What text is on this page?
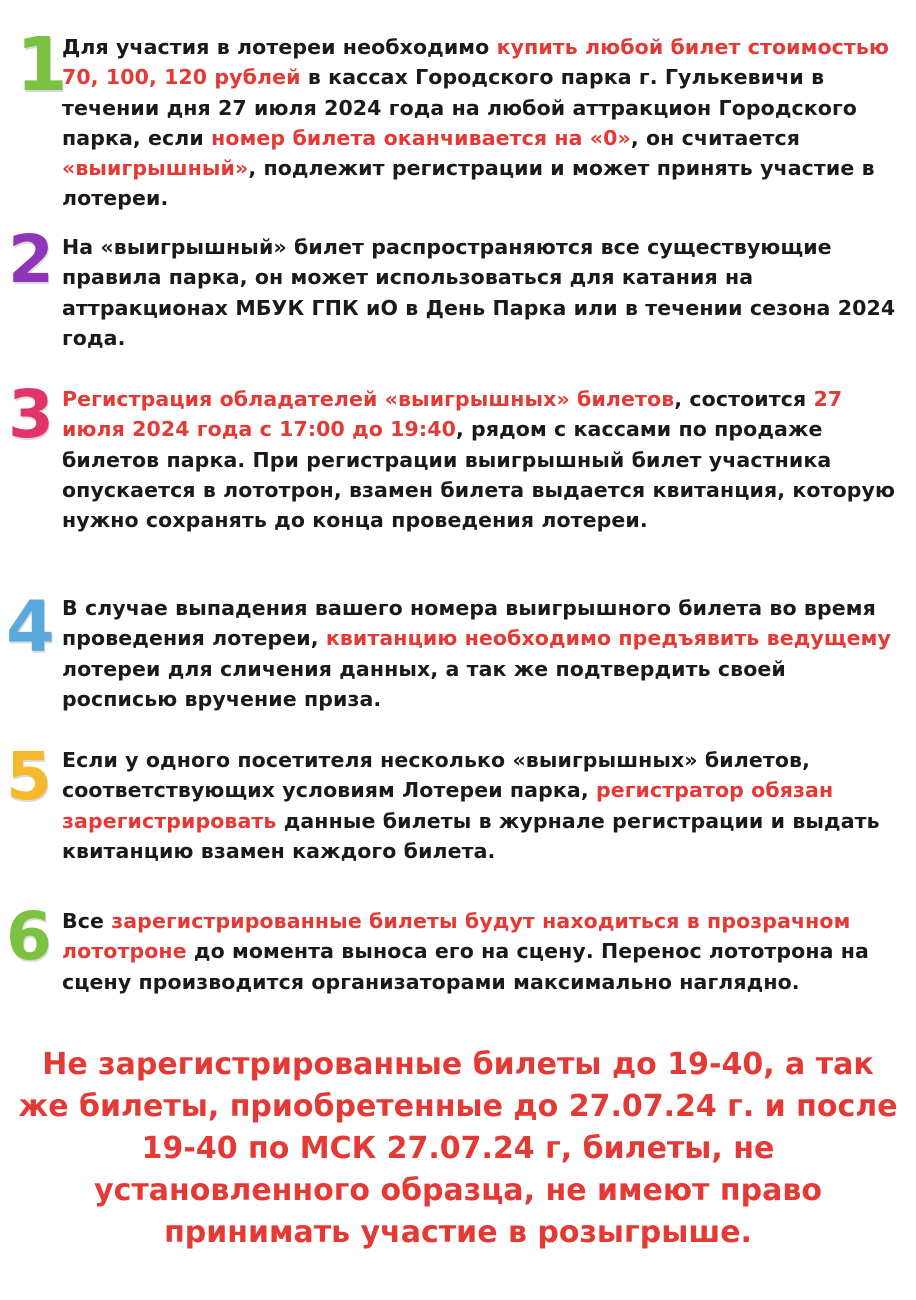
1

Для участия в лотереи необходимо купить любой билет стоимостью 70, 100, 120 рублей в кассах Городского парка г. Гулькевичи в течении дня 27 июля 2024 года на любой аттракцион Городского парка, если номер билета оканчивается на «0», он считается «выигрышный», подлежит регистрации и может принять участие в лотереи.

2 На «выигрышный» билет распространяются все существующие правила парка, он может использоваться для катания на аттракционах МБУК ГПК иО в День Парка или в течении сезона 2024 года.

3 Регистрация обладателей «выигрышных» билетов, состоится 27 июля 2024 года с 17:00 до 19:40, рядом с кассами по продаже билетов парка. При регистрации выигрышный билет участника опускается в лототрон, взамен билета выдается квитанция, которую нужно сохранять до конца проведения лотереи.

4 В случае выпадения вашего номера выигрышного билета во время проведения лотереи, квитанцию необходимо предъявить ведущему лотереи для сличения данных, а так же подтвердить своей росписью вручение приза.

5 Если у одного посетителя несколько «выигрышных» билетов, соответствующих условиям Лотереи парка, регистратор обязан зарегистрировать данные билеты в журнале регистрации и выдать квитанцию взамен каждого билета.

6 Все зарегистрированные билеты будут находиться в прозрачном лототроне до момента выноса его на сцену. Перенос лототрона на сцену производится организаторами максимально наглядно.

Не зарегистрированные билеты до 19-40, а так же билеты, приобретенные до 27.07.24 г. и после 19-40 по МСК 27.07.24 г, билеты, не установленного образца, не имеют право принимать участие в розыгрыше.
